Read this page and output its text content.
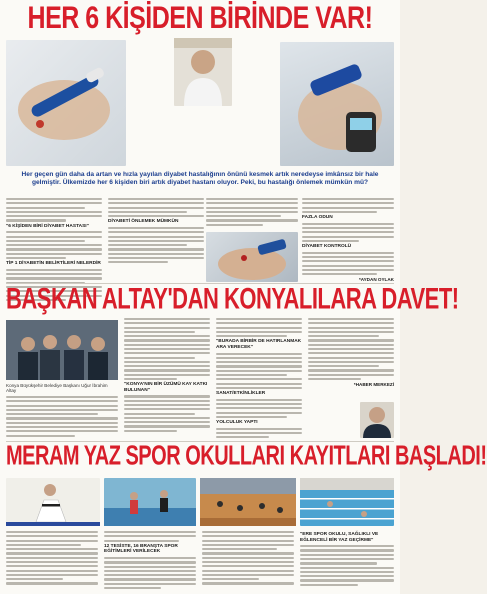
HER 6 KİŞİDEN BİRİNDE VAR!
Her geçen gün daha da artan ve hızla yayılan diyabet hastalığının önünü kesmek artık neredeyse imkânsız bir hale gelmiştir. Ülkemizde her 6 kişiden biri artık diyabet hastanı oluyor. Peki, bu hastalığı önlemek mümkün mü?
"6 KİŞİDEN BİRİ DİYABET HASTASI"
TİP 1 DİYABETİN BELİRTİLERİ NELERDİR
DİYABETİ ÖNLEMEK MÜMKÜN
FAZLA ODUN
DİYABET KONTROLÜ
*AYDAN OYLAK
BAŞKAN ALTAY'DAN KONYALILARA DAVET!
Konya Büyükşehir Belediye Başkanı Uğur İbrahim Altay
"KONYA'NIN BİR ÜZÜMÜ KAY KATKI BULUNAN"
"BURADA BİRBİR DE HATIRLANMAK ARA VERECEK"
SANAT/ETKİNLİKLER
YOLCULUK YAPTI
*HABER MERKEZİ
MERAM YAZ SPOR OKULLARI KAYITLARI BAŞLADI!
12 TESİSTE, 16 BRANŞTA SPOR EĞİTİMLERİ VERİLECEK
"ERE SPOR OKULU, SAĞLIKLI VE EĞLENCELİ BİR YAZ GEÇİRME"
